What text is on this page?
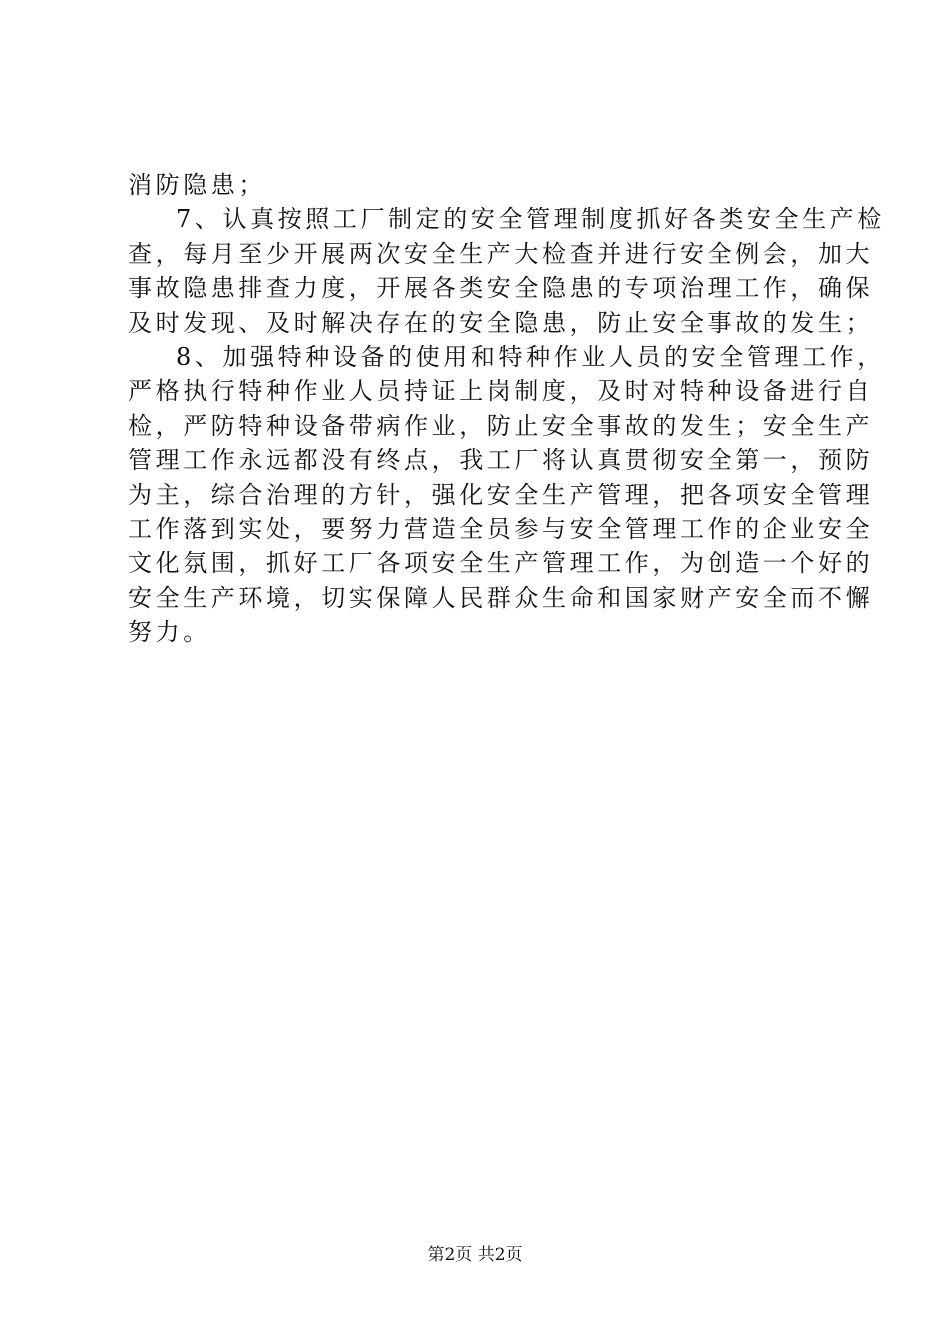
消防隐患；
7、认真按照工厂制定的安全管理制度抓好各类安全生产检
查，每月至少开展两次安全生产大检查并进行安全例会，加大
事故隐患排查力度，开展各类安全隐患的专项治理工作，确保
及时发现、及时解决存在的安全隐患，防止安全事故的发生；
8、加强特种设备的使用和特种作业人员的安全管理工作，
严格执行特种作业人员持证上岗制度，及时对特种设备进行自
检，严防特种设备带病作业，防止安全事故的发生；安全生产
管理工作永远都没有终点，我工厂将认真贯彻安全第一，预防
为主，综合治理的方针，强化安全生产管理，把各项安全管理
工作落到实处，要努力营造全员参与安全管理工作的企业安全
文化氛围，抓好工厂各项安全生产管理工作，为创造一个好的
安全生产环境，切实保障人民群众生命和国家财产安全而不懈
努力。
第2页 共2页
